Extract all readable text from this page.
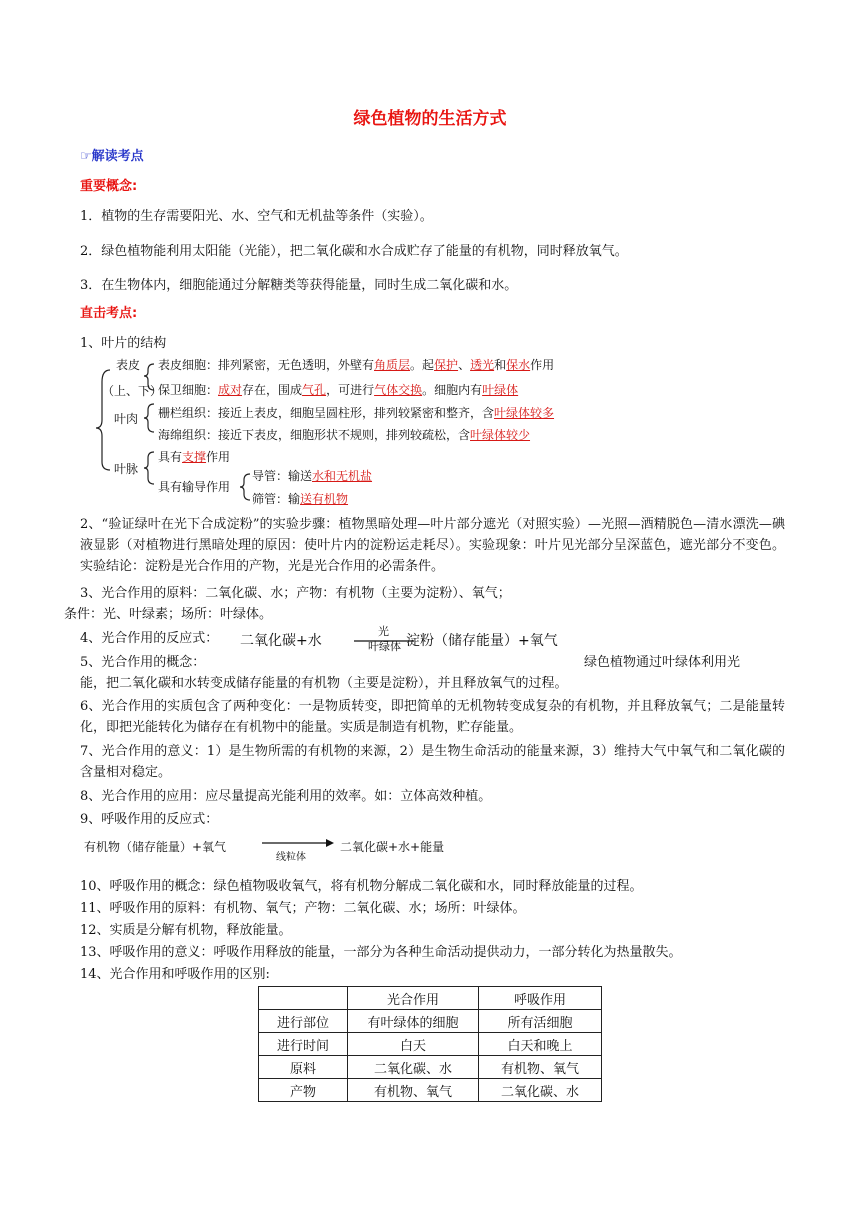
绿色植物的生活方式
☞解读考点
重要概念:
1．植物的生存需要阳光、水、空气和无机盐等条件（实验）。
2．绿色植物能利用太阳能（光能），把二氧化碳和水合成贮存了能量的有机物，同时释放氧气。
3．在生物体内，细胞能通过分解糖类等获得能量，同时生成二氧化碳和水。
直击考点:
1、叶片的结构
表皮
（上、下）
叶肉
叶脉
表皮细胞：排列紧密，无色透明，外壁有角质层。起保护、透光和保水作用
保卫细胞：成对存在，围成气孔，可进行气体交换。细胞内有叶绿体
栅栏组织：接近上表皮，细胞呈圆柱形，排列较紧密和整齐，含叶绿体较多
海绵组织：接近下表皮，细胞形状不规则，排列较疏松，含叶绿体较少
具有支撑作用
具有输导作用
导管：输送水和无机盐
筛管：输送有机物
2、“验证绿叶在光下合成淀粉”的实验步骤：植物黑暗处理—叶片部分遮光（对照实验）—光照—酒精脱色—清水漂洗—碘液显影（对植物进行黑暗处理的原因：使叶片内的淀粉运走耗尽）。实验现象：叶片见光部分呈深蓝色，遮光部分不变色。实验结论：淀粉是光合作用的产物，光是光合作用的必需条件。
3、光合作用的原料：二氧化碳、水；产物：有机物（主要为淀粉）、氧气；
条件：光、叶绿素；场所：叶绿体。
4、光合作用的反应式：	二氧化碳+水
光
叶绿体 淀粉（储存能量）+氧气
5、光合作用的概念：	绿色植物通过叶绿体利用光
能，把二氧化碳和水转变成储存能量的有机物（主要是淀粉），并且释放氧气的过程。
6、光合作用的实质包含了两种变化：一是物质转变，即把简单的无机物转变成复杂的有机物，并且释放氧气；二是能量转化，即把光能转化为储存在有机物中的能量。实质是制造有机物，贮存能量。
7、光合作用的意义：1）是生物所需的有机物的来源，2）是生物生命活动的能量来源，3）维持大气中氧气和二氧化碳的含量相对稳定。
8、光合作用的应用：应尽量提高光能利用的效率。如：立体高效种植。
9、呼吸作用的反应式：
有机物（储存能量）+氧气
线粒体
二氧化碳+水+能量
10、呼吸作用的概念：绿色植物吸收氧气，将有机物分解成二氧化碳和水，同时释放能量的过程。
11、呼吸作用的原料：有机物、氧气；产物：二氧化碳、水；场所：叶绿体。
12、实质是分解有机物，释放能量。
13、呼吸作用的意义：呼吸作用释放的能量，一部分为各种生命活动提供动力，一部分转化为热量散失。
14、光合作用和呼吸作用的区别:
	光合作用	呼吸作用
进行部位	有叶绿体的细胞	所有活细胞
进行时间	白天	白天和晚上
原料	二氧化碳、水	有机物、氧气
产物	有机物、氧气	二氧化碳、水
